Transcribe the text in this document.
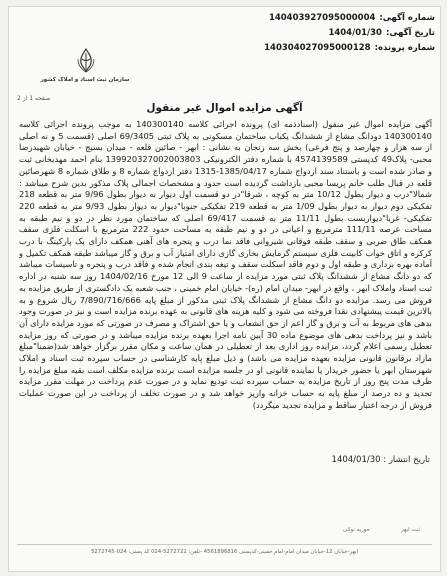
شماره آگهی:
140403927095000004
تاریخ آگهی:
1404/01/30
شماره پرونده:
140304027095000128
سازمان ثبت اسناد و املاک کشور
صفحه 1 از 2
آگهی مزایده اموال غیر منقول
آگهی مزایده اموال غیر منقول (اسناد‌ذمه ای) پرونده اجرائی کلاسه 140300140 به موجب پرونده اجرائی کلاسه 140300140 دودانگ مشاع از ششدانگ یکباب ساختمان مسکونی به پلاک ثبتی 69/3405 اصلی (قسمت 5 و نه اصلی از سه هزار و چهارصد و پنج فرعی) بخش سه زنجان به نشانی : ابهر - صائین قلعه - میدان بسیج - خیابان شهیدرضا محبی- پلاک49 کدپستی 4574139589 با شماره دفتر الکترونیکی 139920327002003803 بنام احمد مهدیخانی ثبت و صادر شده است و باستناد سند ازدواج شماره 1385/04/17-1315 دفتر ازدواج شماره 8 و طلاق شماره 8 شهرصائین قلعه در قبال طلب خانم پریسا محبی بازداشت گردیده است حدود و مشخصات اجمالی پلاک مذکور بدین شرح میباشد : شمالا"درب و دیوار بطول 10/12 متر به کوچه ، شرقا"در دو قسمت اول دیوار به دیوار بطول 9/96 متر به قطعه 218 تفکیکی دوم دیوار به دیوار بطول 1/09 متر به قطعه 219 تفکیکی جنوبا"دیوار به دیوار بطول 9/93 متر به قطعه 220 تفکیکی- غربا"دیواربست بطول 11/11 متر به قسمت 69/417 اصلی که ساختمان مورد نظر در دو و نیم طبقه به مساحت عرصه 111/11 مترمربع و اعیانی در دو و نیم طبقه به مساحت حدود 222 مترمربع با اسکلت فلزی سقف همکف طاق ضربی و سقف طبقه فوقانی شیروانی فاقد نما درب و پنجره های آهنی همکف دارای یک پارکینگ با درب کرکره و اتاق خواب کابینت فلزی سیستم گرمایش بخاری گازی دارای امتیاز آب و برق و گاز میباشد طبقه همکف تکمیل و آماده بهره برداری و طبقه اول و دوم فاقد اسکلت سقف و تیغه بندی انجام شده و فاقد درب و پنجره و تاسیسات میباشد که دو دانگ مشاع از ششدانگ پلاک ثبتی مورد مزایده از ساعت 9 الی 12 مورخ 1404/02/16 روز سه شنبه در اداره ثبت اسناد واملاک ابهر ، واقع در ابهر- میدان امام (ره)- خیابان امام خمینی ، جنب شعبه یک دادگستری از طریق مزایده به فروش می رسد. مزایده دو دانگ مشاع از ششدانگ پلاک ثبتی مذکور از مبلغ پایه 7/890/716/666 ریال شروع و به بالاترین قیمت پیشنهادی نقدا فروخته می شود و کلیه هزینه های قانونی به عهده برنده مزایده است و نیز در صورت وجود بدهی های مربوط به آب و برق و گاز اعم از حق انشعاب و یا حق اشتراک و مصرف در صورتی که مورد مزایده دارای آن باشد و نیز پرداخت بدهی های موضوع ماده 30 آیین نامه اجرا بعهده برنده مزایده میباشد و در صورتی که روز مزایده تعطیل رسمی اعلام گردد، مزایده روز اداری بعد از تعطیلی در همان ساعت و مکان مقرر برگزار خواهد شد(ضمنا"مبلغ مازاد برقانون قانونی مزایده بعهده مزایده می باشد) و ذیل مبلغ پایه کارشناسی در حساب سپرده ثبت اسناد و املاک شهرستان ابهر یا حضور خریدار یا نماینده قانونی او در جلسه مزایده است برنده مزایده مکلف است بقیه مبلغ مزایده را ظرف مدت پنج روز از تاریخ مزایده به حساب سپرده ثبت تودیع نماید و در صورت عدم پرداخت در مهلت مقرر مزایده تجدید و ده درصد از مبلغ پایه به حساب خزانه واریز خواهد شد و در صورت تخلف از پرداخت در این صورت عملیات فروش از درجه اعتبار ساقط و مزایده تجدید میگردد)
تاریخ انتشار : 1404/01/30
حوریه نوائی	ثبت ابهر
ابهر-خیابان 12-خیابان میدان امام-امام خمینی-کدپستی 4561896816 -تلفن: 5272722-024 کد پستی: 024-5272745
